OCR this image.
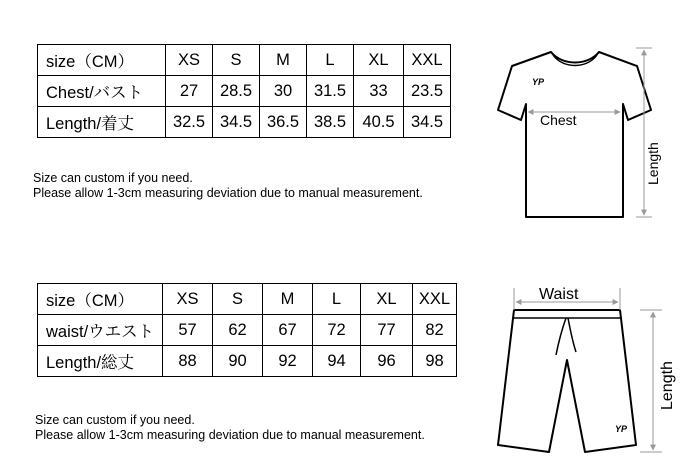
size（CM）	XS	S	M	L	XL	XXL
Chest/バスト	27	28.5	30	31.5	33	23.5
Length/着丈	32.5	34.5	36.5	38.5	40.5	34.5
Size can custom if you need.
Please allow 1-3cm measuring deviation due to manual measurement.
size（CM）	XS	S	M	L	XL	XXL
waist/ウエスト	57	62	67	72	77	82
Length/総丈	88	90	92	94	96	98
Size can custom if you need.
Please allow 1-3cm measuring deviation due to manual measurement.
YP
Chest
Length
YP
Waist
Length
